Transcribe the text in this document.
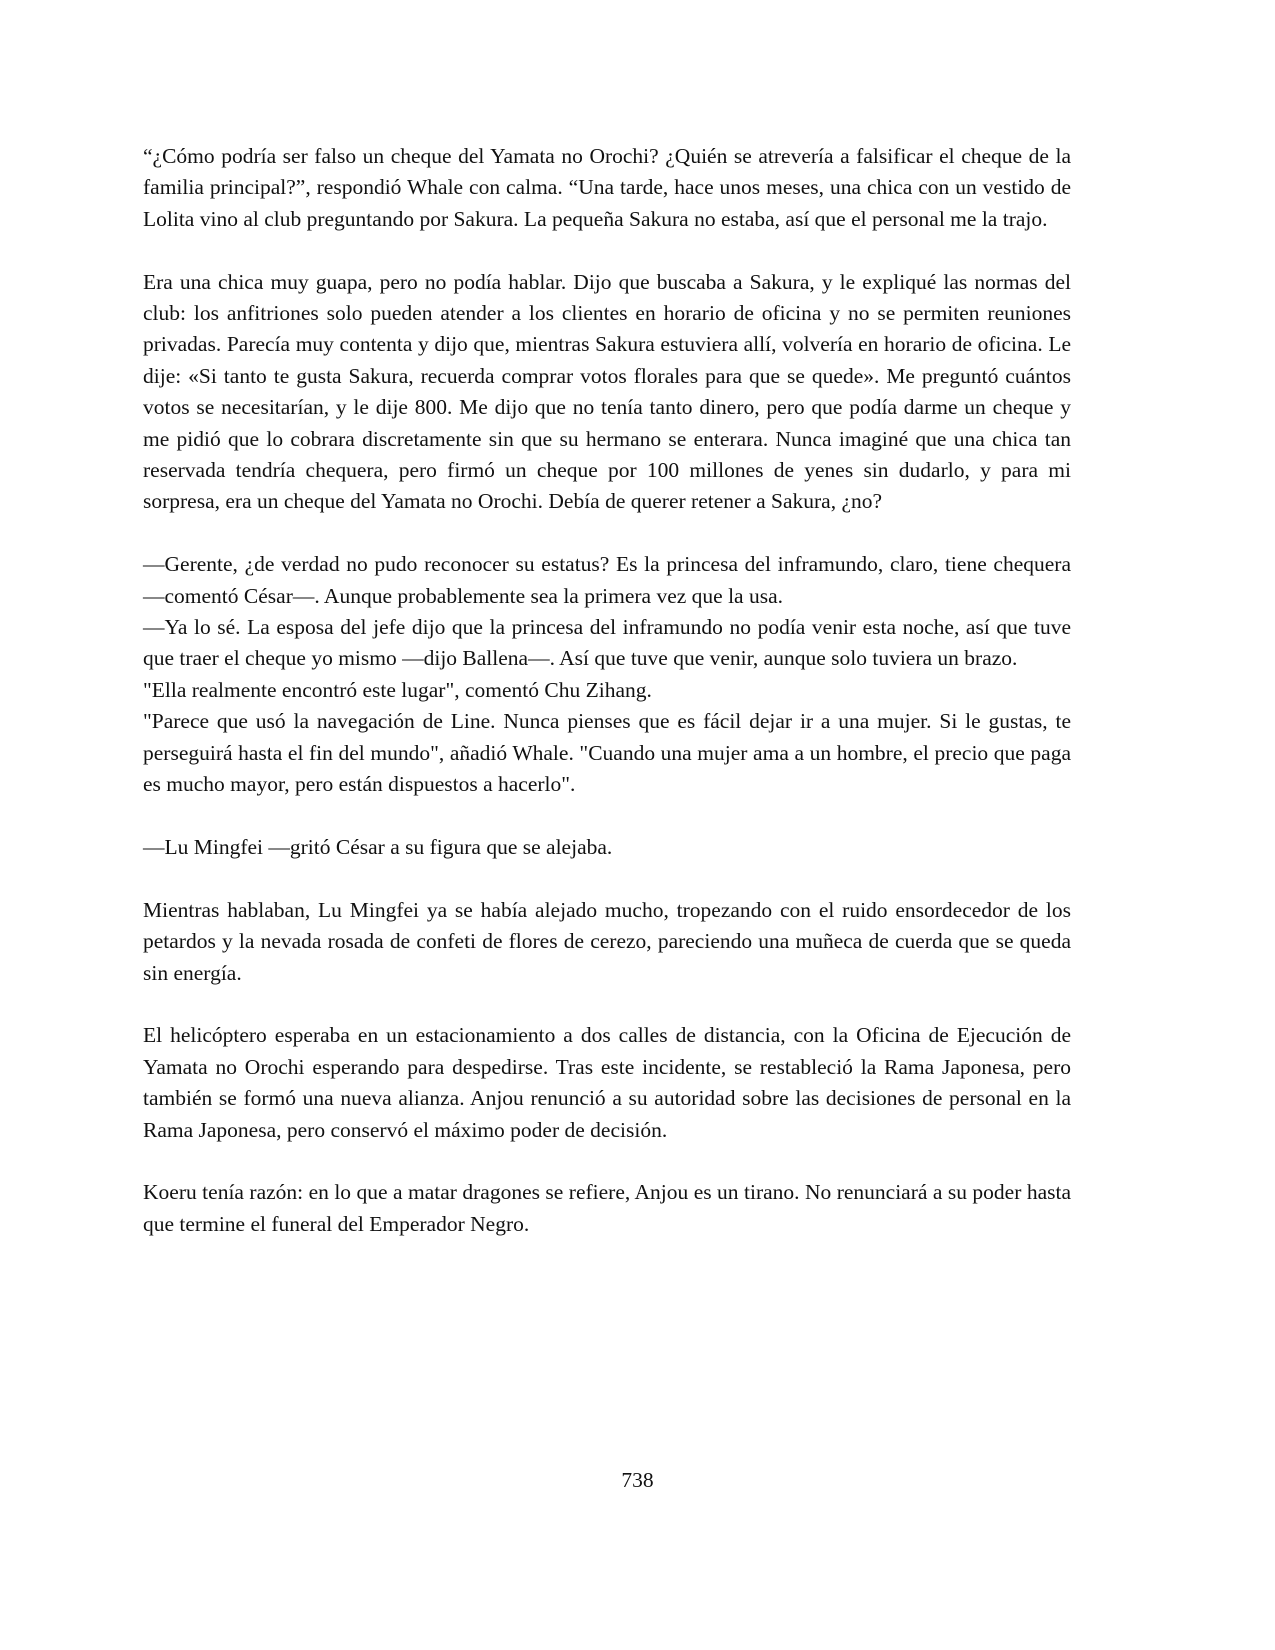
“¿Cómo podría ser falso un cheque del Yamata no Orochi? ¿Quién se atrevería a falsificar el cheque de la familia principal?”, respondió Whale con calma. “Una tarde, hace unos meses, una chica con un vestido de Lolita vino al club preguntando por Sakura. La pequeña Sakura no estaba, así que el personal me la trajo.

Era una chica muy guapa, pero no podía hablar. Dijo que buscaba a Sakura, y le expliqué las normas del club: los anfitriones solo pueden atender a los clientes en horario de oficina y no se permiten reuniones privadas. Parecía muy contenta y dijo que, mientras Sakura estuviera allí, volvería en horario de oficina. Le dije: «Si tanto te gusta Sakura, recuerda comprar votos florales para que se quede». Me preguntó cuántos votos se necesitarían, y le dije 800. Me dijo que no tenía tanto dinero, pero que podía darme un cheque y me pidió que lo cobrara discretamente sin que su hermano se enterara. Nunca imaginé que una chica tan reservada tendría chequera, pero firmó un cheque por 100 millones de yenes sin dudarlo, y para mi sorpresa, era un cheque del Yamata no Orochi. Debía de querer retener a Sakura, ¿no?

—Gerente, ¿de verdad no pudo reconocer su estatus? Es la princesa del inframundo, claro, tiene chequera —comentó César—. Aunque probablemente sea la primera vez que la usa.

—Ya lo sé. La esposa del jefe dijo que la princesa del inframundo no podía venir esta noche, así que tuve que traer el cheque yo mismo —dijo Ballena—. Así que tuve que venir, aunque solo tuviera un brazo.

"Ella realmente encontró este lugar", comentó Chu Zihang.

"Parece que usó la navegación de Line. Nunca pienses que es fácil dejar ir a una mujer. Si le gustas, te perseguirá hasta el fin del mundo", añadió Whale. "Cuando una mujer ama a un hombre, el precio que paga es mucho mayor, pero están dispuestos a hacerlo".

—Lu Mingfei —gritó César a su figura que se alejaba.

Mientras hablaban, Lu Mingfei ya se había alejado mucho, tropezando con el ruido ensordecedor de los petardos y la nevada rosada de confeti de flores de cerezo, pareciendo una muñeca de cuerda que se queda sin energía.

El helicóptero esperaba en un estacionamiento a dos calles de distancia, con la Oficina de Ejecución de Yamata no Orochi esperando para despedirse. Tras este incidente, se restableció la Rama Japonesa, pero también se formó una nueva alianza. Anjou renunció a su autoridad sobre las decisiones de personal en la Rama Japonesa, pero conservó el máximo poder de decisión.

Koeru tenía razón: en lo que a matar dragones se refiere, Anjou es un tirano. No renunciará a su poder hasta que termine el funeral del Emperador Negro.

738
